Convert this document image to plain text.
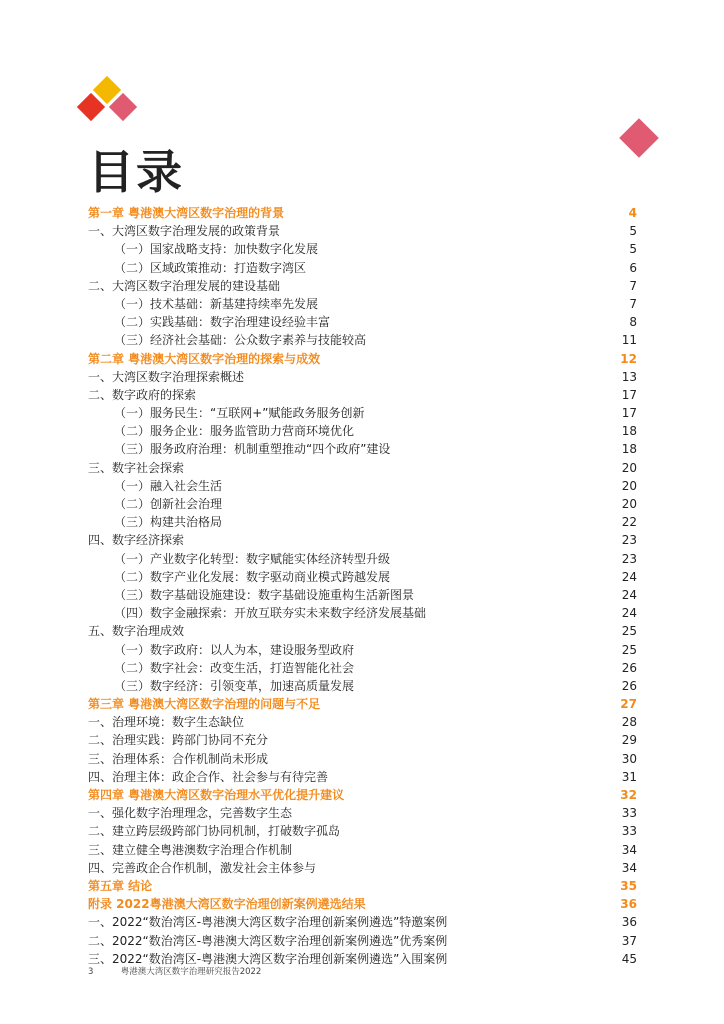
目录
第一章 粤港澳大湾区数字治理的背景	4
一、大湾区数字治理发展的政策背景	5
（一）国家战略支持：加快数字化发展	5
（二）区域政策推动：打造数字湾区	6
二、大湾区数字治理发展的建设基础	7
（一）技术基础：新基建持续率先发展	7
（二）实践基础：数字治理建设经验丰富	8
（三）经济社会基础：公众数字素养与技能较高	11
第二章 粤港澳大湾区数字治理的探索与成效	12
一、大湾区数字治理探索概述	13
二、数字政府的探索	17
（一）服务民生：“互联网+”赋能政务服务创新	17
（二）服务企业：服务监管助力营商环境优化	18
（三）服务政府治理：机制重塑推动“四个政府”建设	18
三、数字社会探索	20
（一）融入社会生活	20
（二）创新社会治理	20
（三）构建共治格局	22
四、数字经济探索	23
（一）产业数字化转型：数字赋能实体经济转型升级	23
（二）数字产业化发展：数字驱动商业模式跨越发展	24
（三）数字基础设施建设：数字基础设施重构生活新图景	24
（四）数字金融探索：开放互联夯实未来数字经济发展基础	24
五、数字治理成效	25
（一）数字政府：以人为本，建设服务型政府	25
（二）数字社会：改变生活，打造智能化社会	26
（三）数字经济：引领变革，加速高质量发展	26
第三章 粤港澳大湾区数字治理的问题与不足	27
一、治理环境：数字生态缺位	28
二、治理实践：跨部门协同不充分	29
三、治理体系：合作机制尚未形成	30
四、治理主体：政企合作、社会参与有待完善	31
第四章 粤港澳大湾区数字治理水平优化提升建议	32
一、强化数字治理理念，完善数字生态	33
二、建立跨层级跨部门协同机制，打破数字孤岛	33
三、建立健全粤港澳数字治理合作机制	34
四、完善政企合作机制，激发社会主体参与	34
第五章 结论	35
附录 2022粤港澳大湾区数字治理创新案例遴选结果	36
一、2022“数治湾区-粤港澳大湾区数字治理创新案例遴选”特邀案例	36
二、2022“数治湾区-粤港澳大湾区数字治理创新案例遴选”优秀案例	37
三、2022“数治湾区-粤港澳大湾区数字治理创新案例遴选”入围案例	45
3	粤港澳大湾区数字治理研究报告2022
